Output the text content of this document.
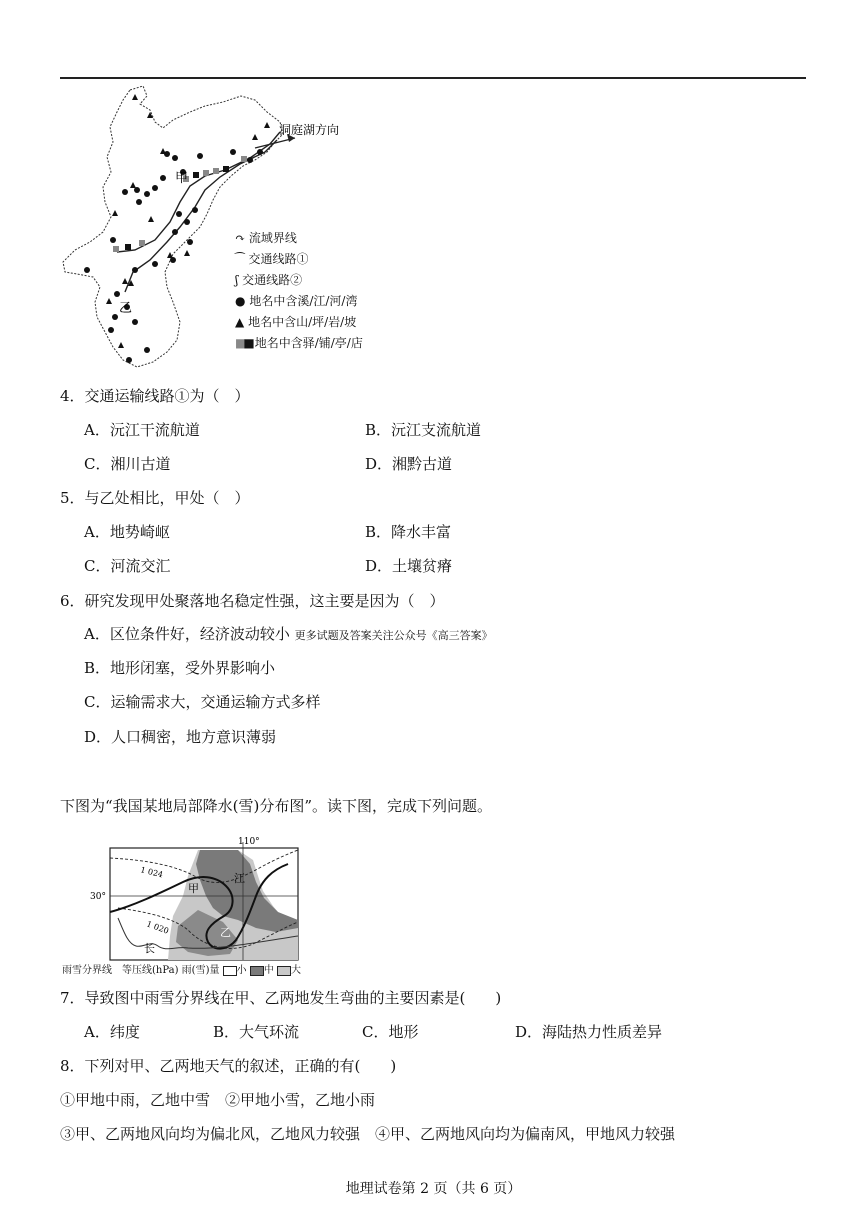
洞庭湖方向
甲
乙
↷ 流域界线
⁀ 交通线路①
ʃ 交通线路②
● 地名中含溪/江/河/湾
▲ 地名中含山/坪/岩/坡
■■地名中含驿/铺/亭/店
4．交通运输线路①为（　）
A．沅江干流航道	B．沅江支流航道
C．湘川古道	D．湘黔古道
5．与乙处相比，甲处（　）
A．地势崎岖	B．降水丰富
C．河流交汇	D．土壤贫瘠
6．研究发现甲处聚落地名稳定性强，这主要是因为（　）
A．区位条件好，经济波动较小 更多试题及答案关注公众号《高三答案》
B．地形闭塞，受外界影响小
C．运输需求大，交通运输方式多样
D．人口稠密，地方意识薄弱
下图为“我国某地局部降水(雪)分布图”。读下图，完成下列问题。
110°
30°
1 024
1 020
甲
江
乙
长
雨雪分界线　等压线(hPa) 雨(雪)量 小 中 大
7．导致图中雨雪分界线在甲、乙两地发生弯曲的主要因素是(　　)
A．纬度	B．大气环流	C．地形	D．海陆热力性质差异
8．下列对甲、乙两地天气的叙述，正确的有(　　)
①甲地中雨，乙地中雪　②甲地小雪，乙地小雨
③甲、乙两地风向均为偏北风，乙地风力较强　④甲、乙两地风向均为偏南风，甲地风力较强
地理试卷第 2 页（共 6 页）
